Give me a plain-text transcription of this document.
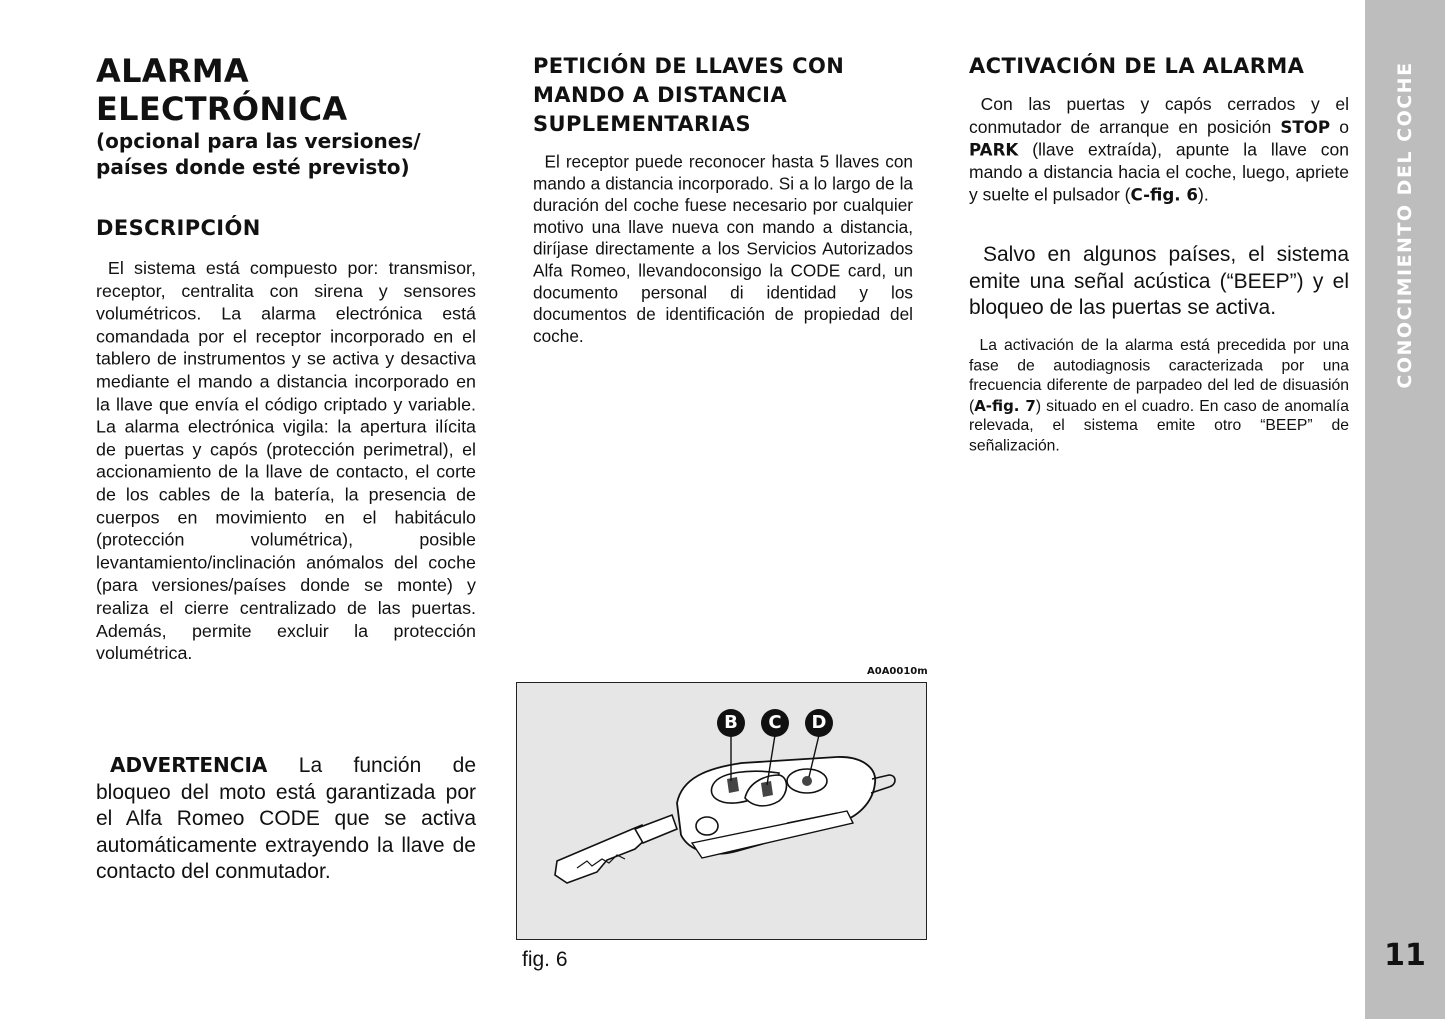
ALARMA ELECTRÓNICA
(opcional para las versiones/ países donde esté previsto)
DESCRIPCIÓN

El sistema está compuesto por: transmisor, receptor, centralita con sirena y sensores volumétricos. La alarma electrónica está comandada por el receptor incorporado en el tablero de instrumentos y se activa y desactiva mediante el mando a distancia incorporado en la llave que envía el código criptado y variable. La alarma electrónica vigila: la apertura ilícita de puertas y capós (protección perimetral), el accionamiento de la llave de contacto, el corte de los cables de la batería, la presencia de cuerpos en movimiento en el habitáculo (protección volumétrica), posible levantamiento/inclinación anómalos del coche (para versiones/países donde se monte) y realiza el cierre centralizado de las puertas. Además, permite excluir la protección volumétrica.

ADVERTENCIA La función de bloqueo del moto está garantizada por el Alfa Romeo CODE que se activa automáticamente extrayendo la llave de contacto del conmutador.

PETICIÓN DE LLAVES CON MANDO A DISTANCIA SUPLEMENTARIAS

El receptor puede reconocer hasta 5 llaves con mando a distancia incorporado. Si a lo largo de la duración del coche fuese necesario por cualquier motivo una llave nueva con mando a distancia, diríjase directamente a los Servicios Autorizados Alfa Romeo, llevandoconsigo la CODE card, un documento personal di identidad y los documentos de identificación de propiedad del coche.

A0A0010m
B	C	D
fig. 6
ACTIVACIÓN DE LA ALARMA

Con las puertas y capós cerrados y el conmutador de arranque en posición STOP o PARK (llave extraída), apunte la llave con mando a distancia hacia el coche, luego, apriete y suelte el pulsador (C-fig. 6).

Salvo en algunos países, el sistema emite una señal acústica (“BEEP”) y el bloqueo de las puertas se activa.

La activación de la alarma está precedida por una fase de autodiagnosis caracterizada por una frecuencia diferente de parpadeo del led de disuasión (A-fig. 7) situado en el cuadro. En caso de anomalía relevada, el sistema emite otro “BEEP” de señalización.

CONOCIMIENTO DEL COCHE
11
